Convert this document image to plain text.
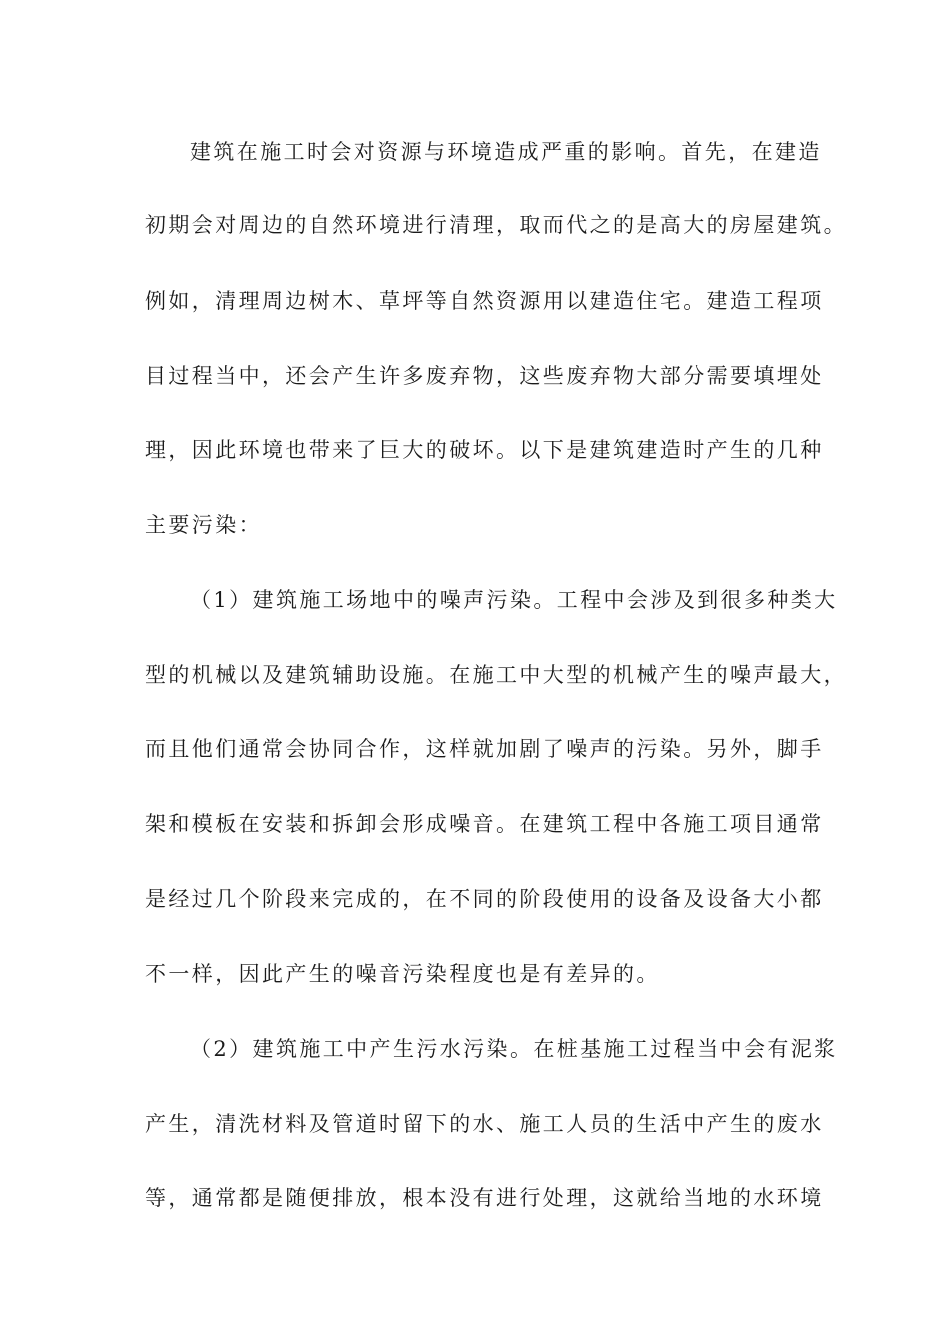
建筑在施工时会对资源与环境造成严重的影响。首先，在建造
初期会对周边的自然环境进行清理，取而代之的是高大的房屋建筑。
例如，清理周边树木、草坪等自然资源用以建造住宅。建造工程项
目过程当中，还会产生许多废弃物，这些废弃物大部分需要填埋处
理，因此环境也带来了巨大的破坏。以下是建筑建造时产生的几种
主要污染：
（1）建筑施工场地中的噪声污染。工程中会涉及到很多种类大
型的机械以及建筑辅助设施。在施工中大型的机械产生的噪声最大，
而且他们通常会协同合作，这样就加剧了噪声的污染。另外，脚手
架和模板在安装和拆卸会形成噪音。在建筑工程中各施工项目通常
是经过几个阶段来完成的，在不同的阶段使用的设备及设备大小都
不一样，因此产生的噪音污染程度也是有差异的。
（2）建筑施工中产生污水污染。在桩基施工过程当中会有泥浆
产生，清洗材料及管道时留下的水、施工人员的生活中产生的废水
等，通常都是随便排放，根本没有进行处理，这就给当地的水环境
